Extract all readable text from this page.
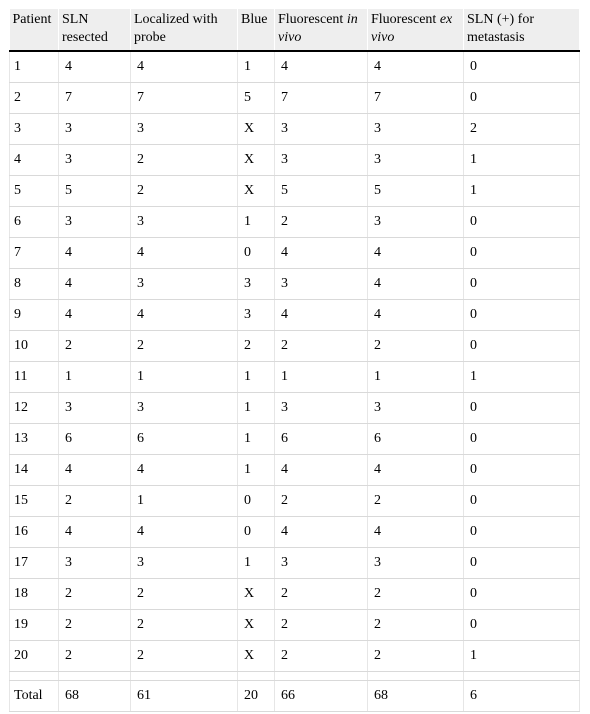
Patient	SLN resected	Localized with probe	Blue	Fluorescent in vivo	Fluorescent ex vivo	SLN (+) for metastasis
1	4	4	1	4	4	0
2	7	7	5	7	7	0
3	3	3	X	3	3	2
4	3	2	X	3	3	1
5	5	2	X	5	5	1
6	3	3	1	2	3	0
7	4	4	0	4	4	0
8	4	3	3	3	4	0
9	4	4	3	4	4	0
10	2	2	2	2	2	0
11	1	1	1	1	1	1
12	3	3	1	3	3	0
13	6	6	1	6	6	0
14	4	4	1	4	4	0
15	2	1	0	2	2	0
16	4	4	0	4	4	0
17	3	3	1	3	3	0
18	2	2	X	2	2	0
19	2	2	X	2	2	0
20	2	2	X	2	2	1

Total	68	61	20	66	68	6
